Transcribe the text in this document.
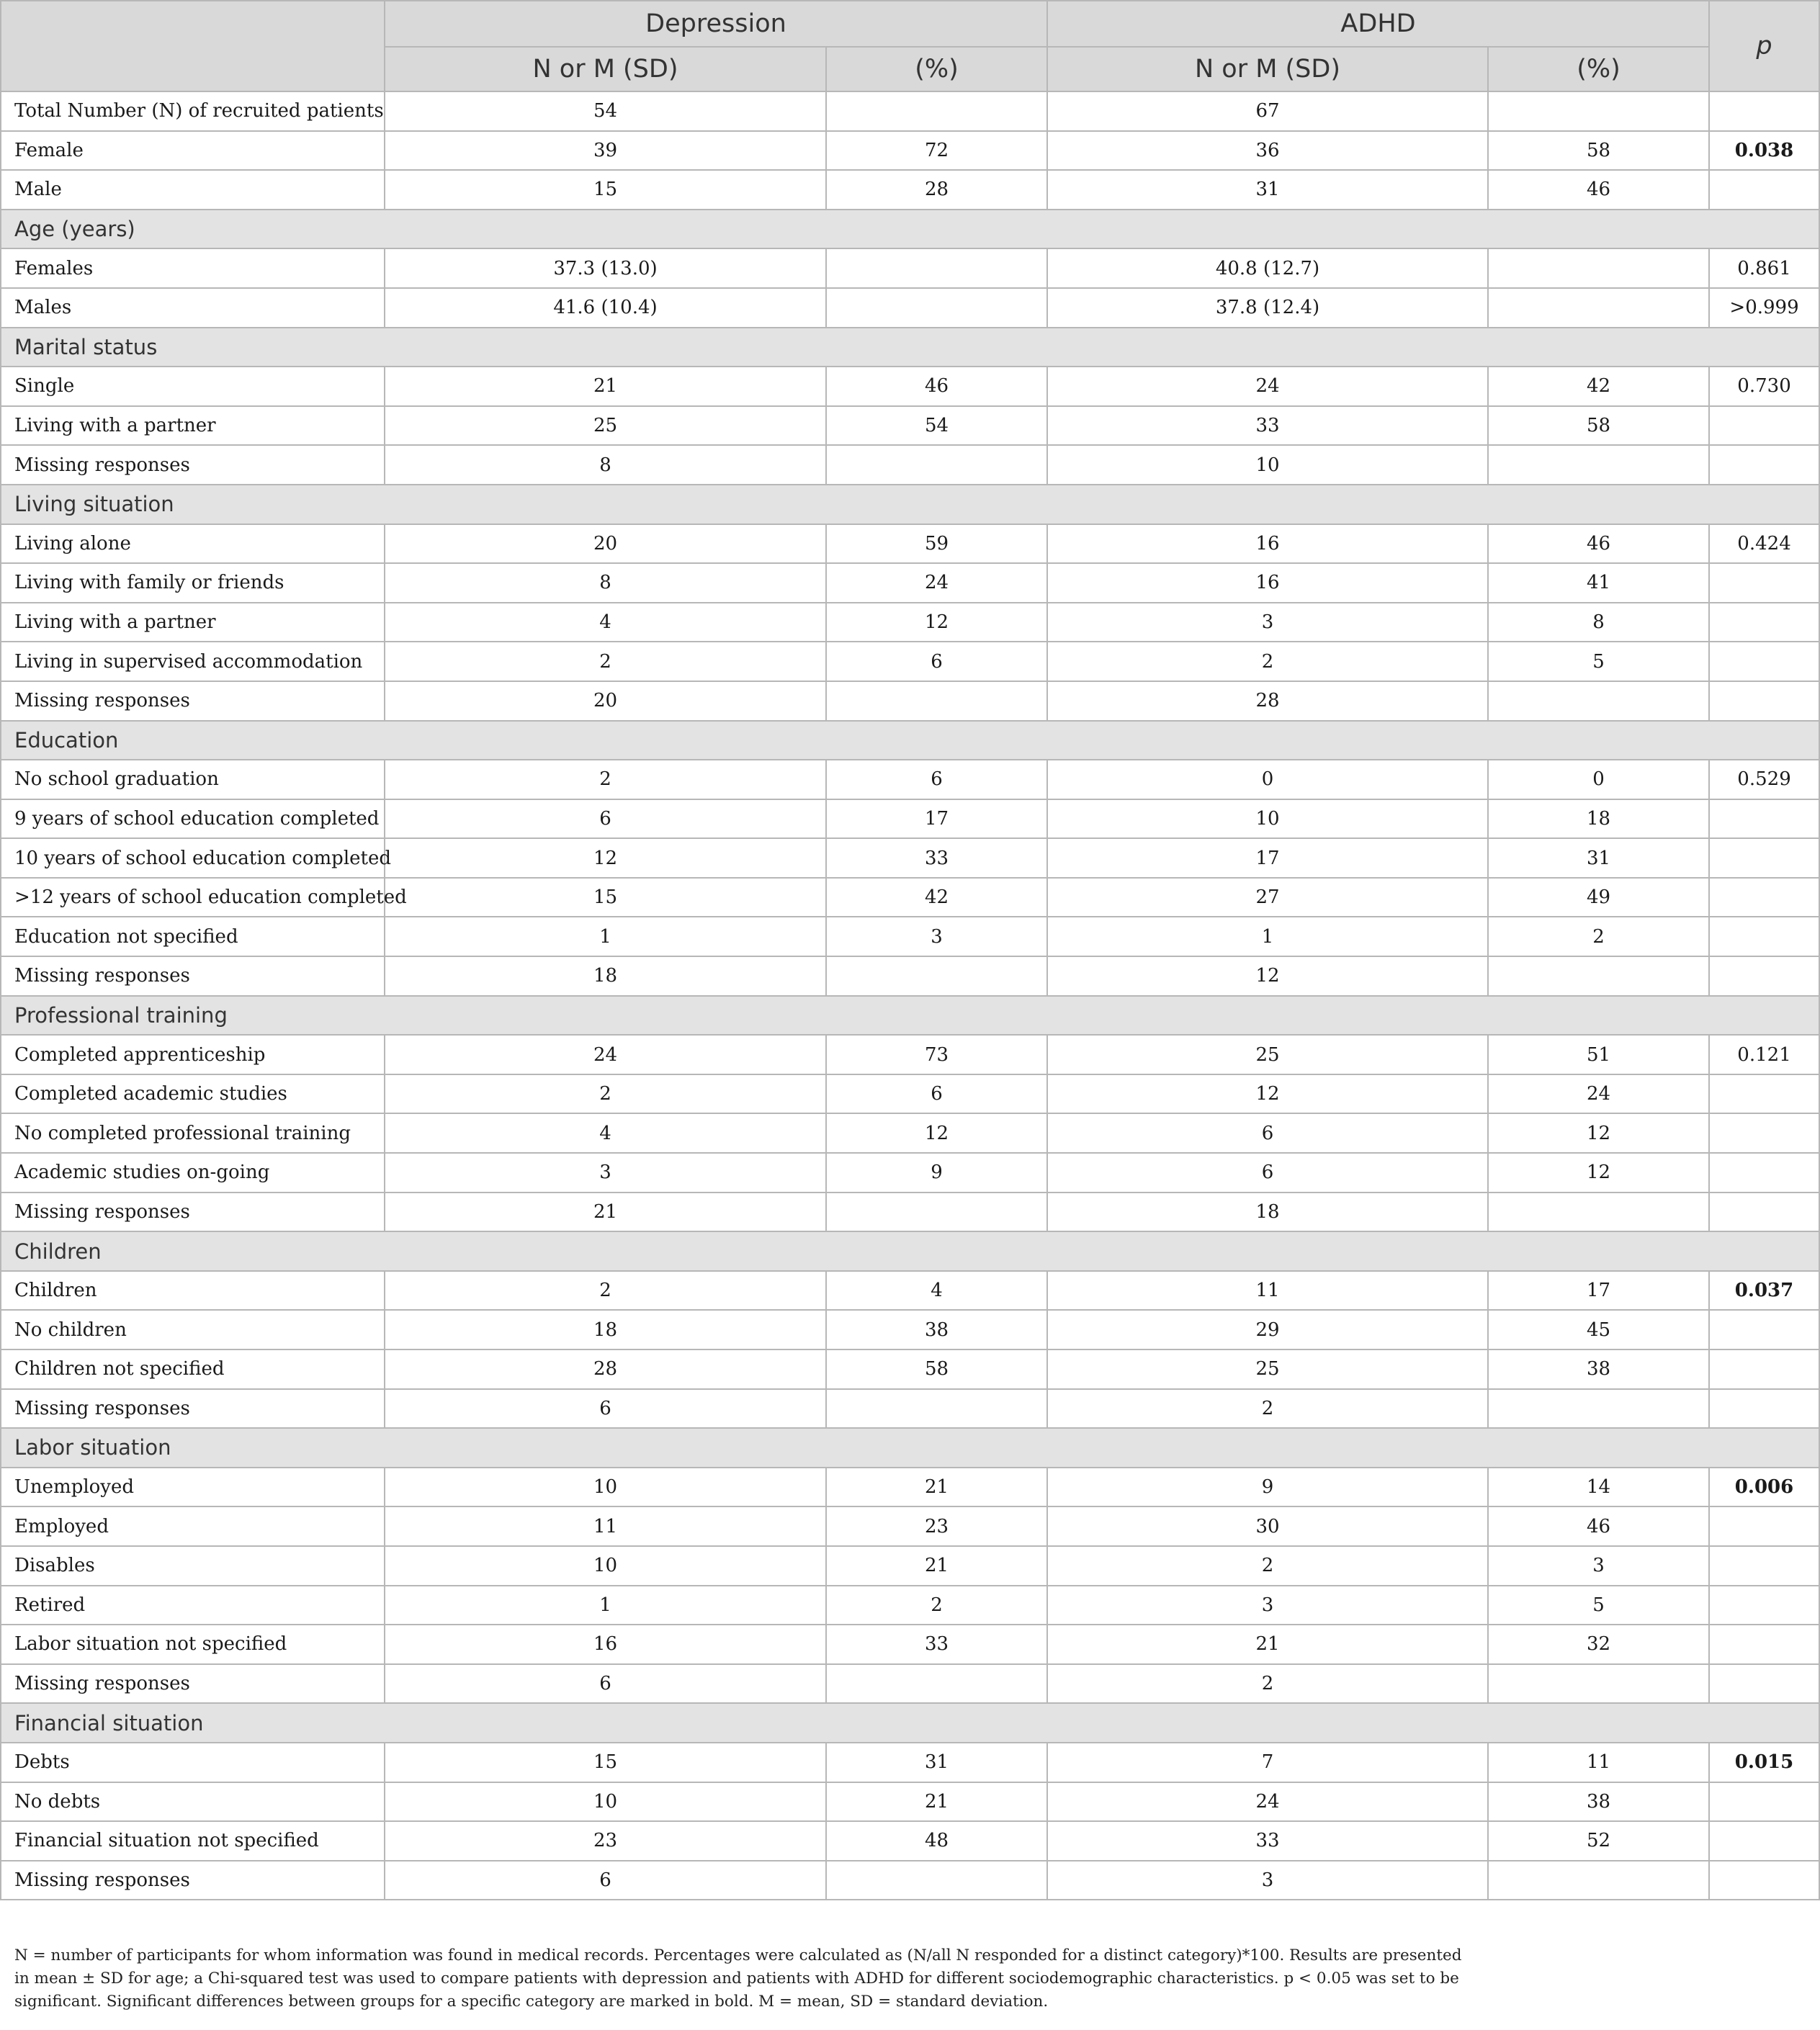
	Depression		ADHD		p
	N or M (SD)	(%)	N or M (SD)	(%)	
Total Number (N) of recruited patients	54		67		
Female	39	72	36	58	0.038
Male	15	28	31	46	
Age (years)					
Females	37.3 (13.0)		40.8 (12.7)		0.861
Males	41.6 (10.4)		37.8 (12.4)		>0.999
Marital status					
Single	21	46	24	42	0.730
Living with a partner	25	54	33	58	
Missing responses	8		10		
Living situation					
Living alone	20	59	16	46	0.424
Living with family or friends	8	24	16	41	
Living with a partner	4	12	3	8	
Living in supervised accommodation	2	6	2	5	
Missing responses	20		28		
Education					
No school graduation	2	6	0	0	0.529
9 years of school education completed	6	17	10	18	
10 years of school education completed	12	33	17	31	
>12 years of school education completed	15	42	27	49	
Education not specified	1	3	1	2	
Missing responses	18		12		
Professional training					
Completed apprenticeship	24	73	25	51	0.121
Completed academic studies	2	6	12	24	
No completed professional training	4	12	6	12	
Academic studies on-going	3	9	6	12	
Missing responses	21		18		
Children					
Children	2	4	11	17	0.037
No children	18	38	29	45	
Children not specified	28	58	25	38	
Missing responses	6		2		
Labor situation					
Unemployed	10	21	9	14	0.006
Employed	11	23	30	46	
Disables	10	21	2	3	
Retired	1	2	3	5	
Labor situation not specified	16	33	21	32	
Missing responses	6		2		
Financial situation					
Debts	15	31	7	11	0.015
No debts	10	21	24	38	
Financial situation not specified	23	48	33	52	
Missing responses	6		3		
N = number of participants for whom information was found in medical records. Percentages were calculated as (N/all N responded for a distinct category)*100. Results are presented in mean ± SD for age; a Chi-squared test was used to compare patients with depression and patients with ADHD for different sociodemographic characteristics. p < 0.05 was set to be significant. Significant differences between groups for a specific category are marked in bold. M = mean, SD = standard deviation.
